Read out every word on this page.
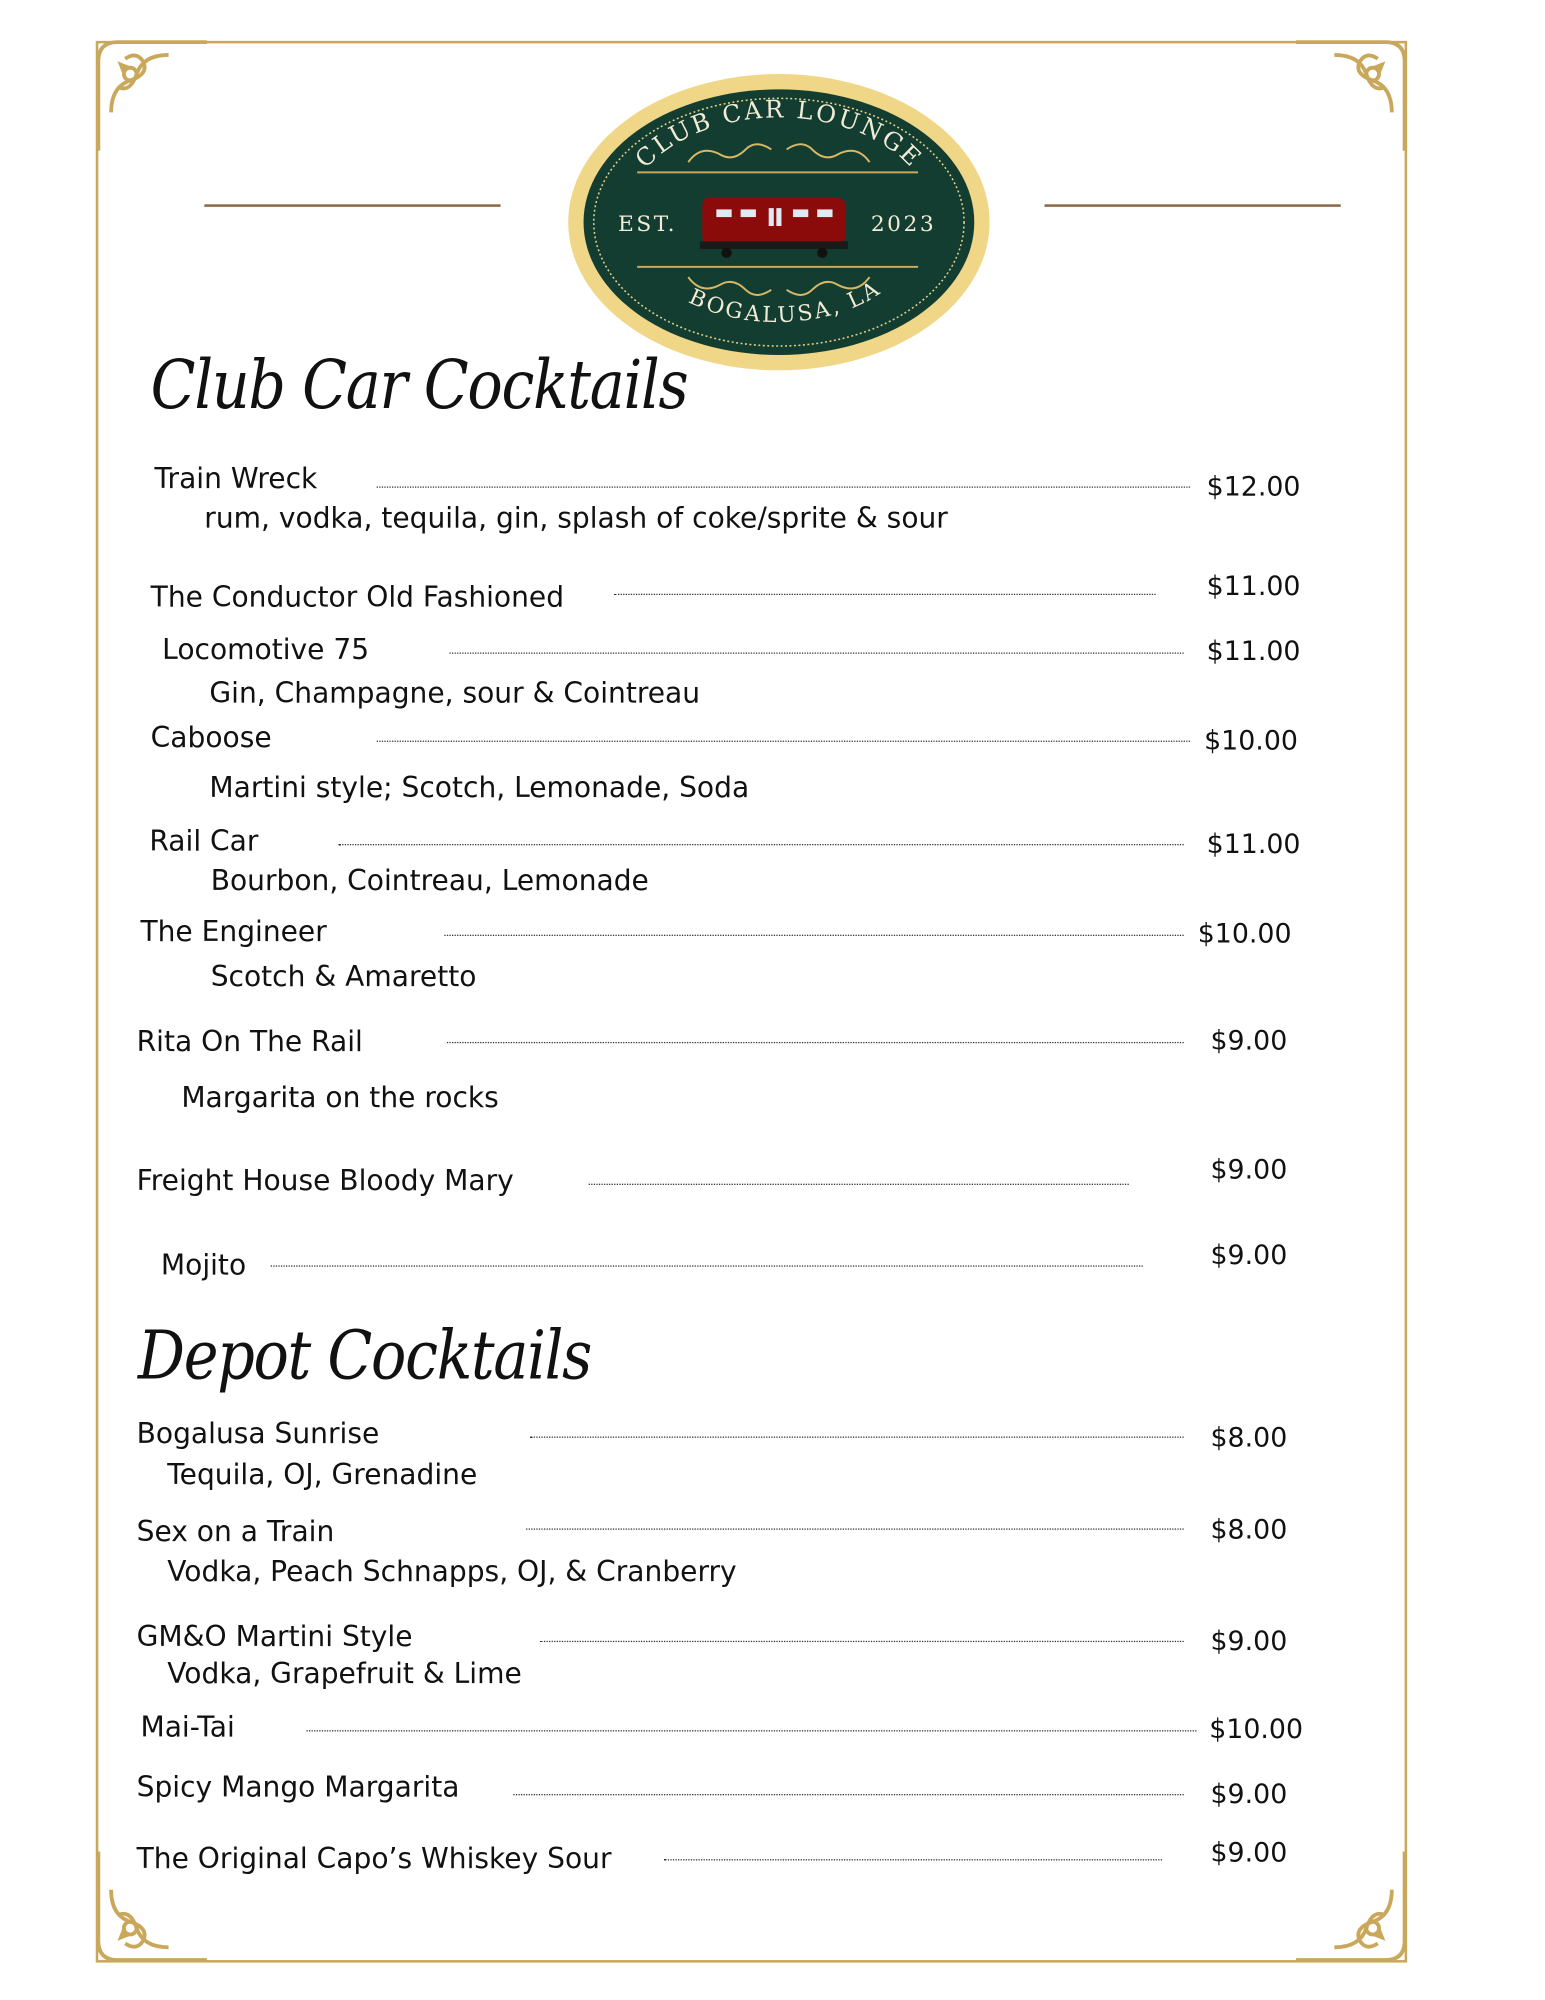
CLUB CAR LOUNGE
BOGALUSA, LA
EST.	2023
Club Car Cocktails
Depot Cocktails
Train Wreck	$12.00
rum, vodka, tequila, gin, splash of coke/sprite & sour
The Conductor Old Fashioned	$11.00
Locomotive 75	$11.00
Gin, Champagne, sour & Cointreau
Caboose	$10.00
Martini style; Scotch, Lemonade, Soda
Rail Car	$11.00
Bourbon, Cointreau, Lemonade
The Engineer	$10.00
Scotch & Amaretto
Rita On The Rail	$9.00
Margarita on the rocks
Freight House Bloody Mary	$9.00
Mojito	$9.00
Bogalusa Sunrise	$8.00
Tequila, OJ, Grenadine
Sex on a Train	$8.00
Vodka, Peach Schnapps, OJ, & Cranberry
GM&O Martini Style	$9.00
Vodka, Grapefruit & Lime
Mai-Tai	$10.00
Spicy Mango Margarita	$9.00
The Original Capo’s Whiskey Sour	$9.00
